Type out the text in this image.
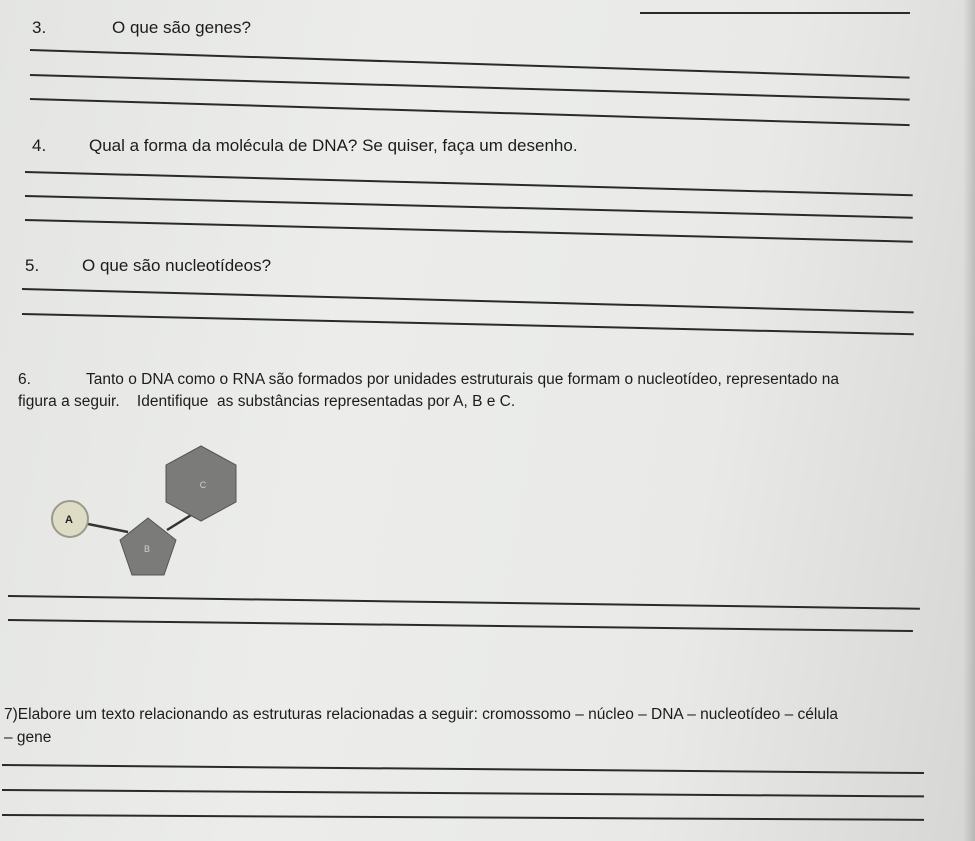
3.	O que são genes?
4.	Qual a forma da molécula de DNA? Se quiser, faça um desenho.
5.	O que são nucleotídeos?
6.	Tanto o DNA como o RNA são formados por unidades estruturais que formam o nucleotídeo, representado na
figura a seguir.    Identifique  as substâncias representadas por A, B e C.
A
B
C
7)Elabore um texto relacionando as estruturas relacionadas a seguir: cromossomo – núcleo – DNA – nucleotídeo – célula
– gene
